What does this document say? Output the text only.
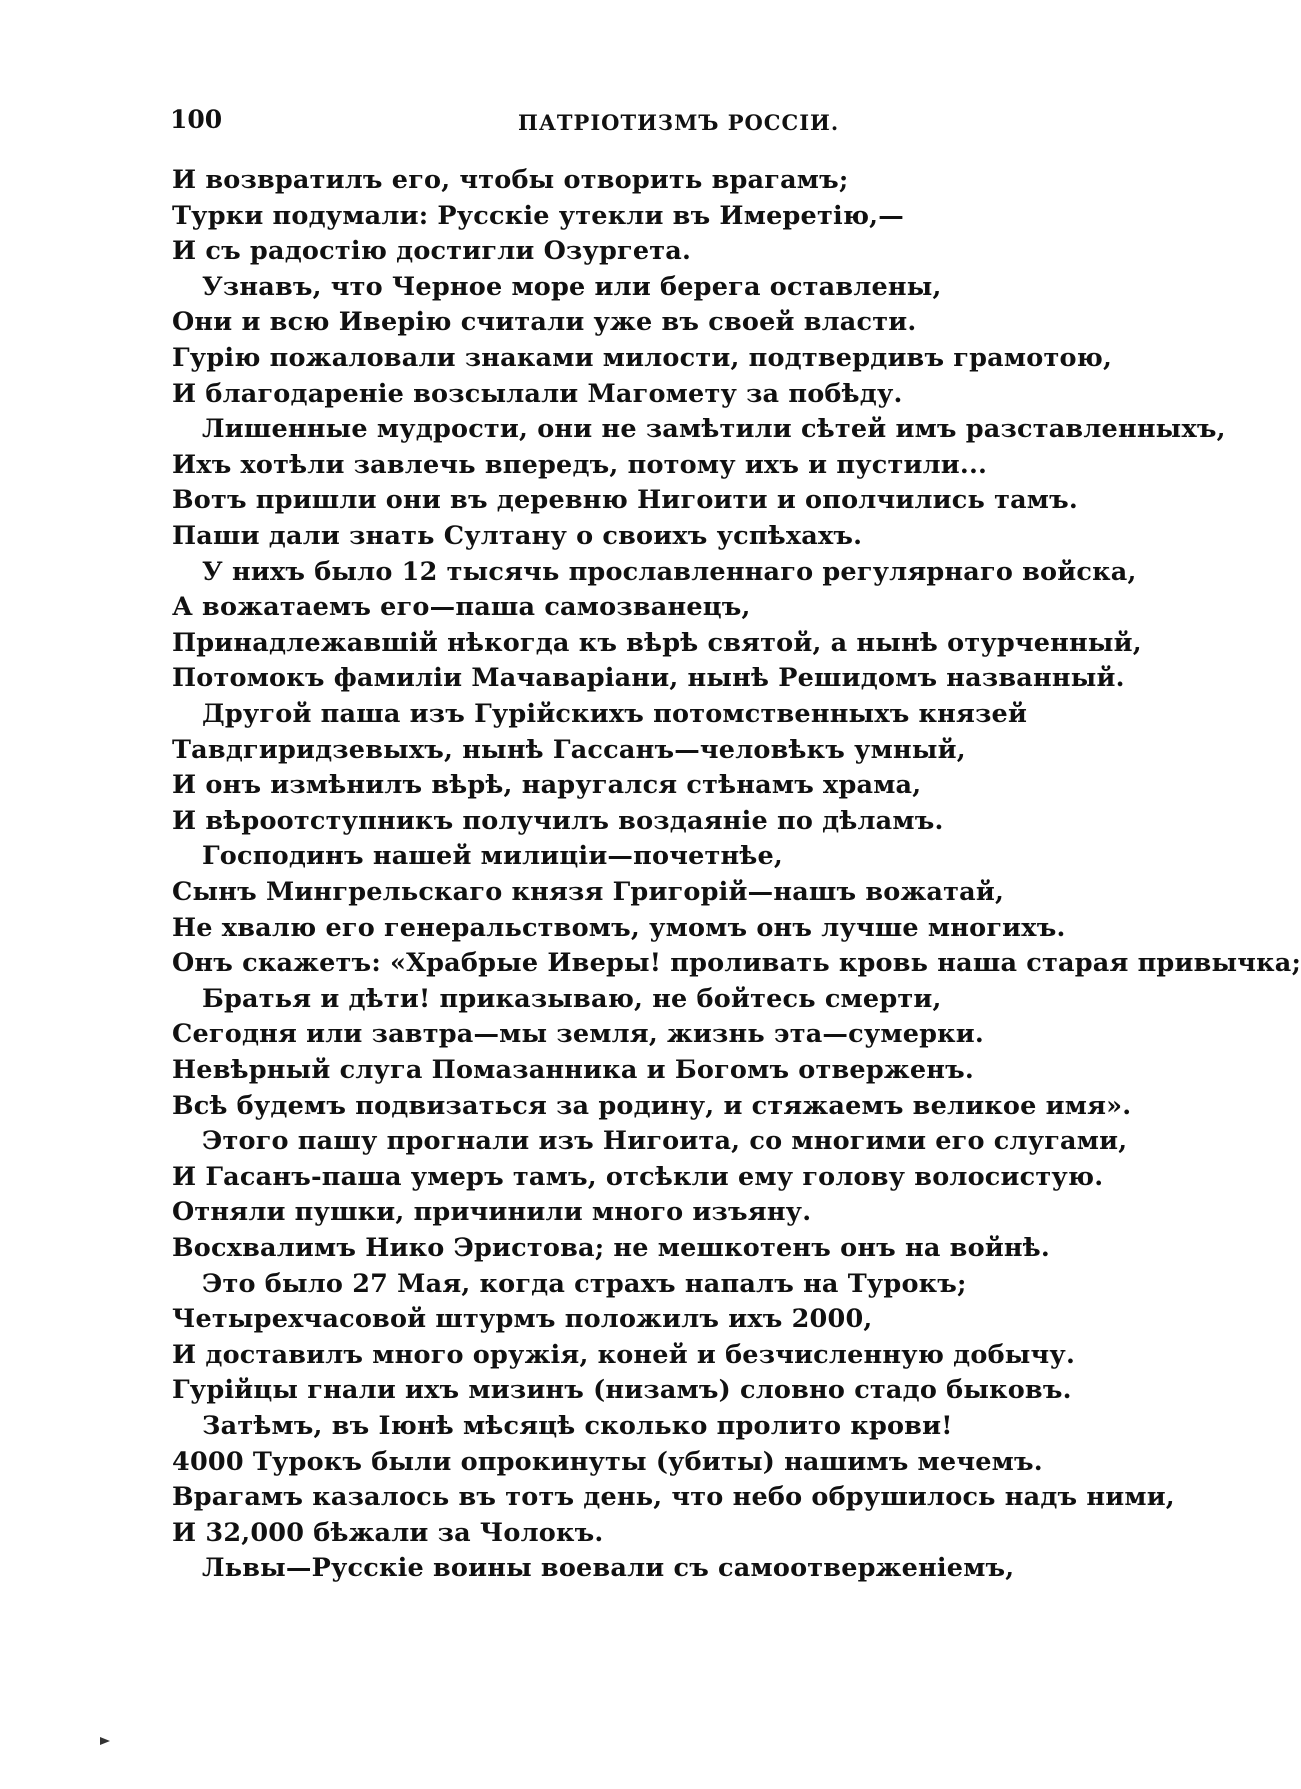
100	ПАТРІОТИЗМЪ РОССІИ.
И возвратилъ его, чтобы отворить врагамъ;
Турки подумали: Русскіе утекли въ Имеретію,—
И съ радостію достигли Озургета.
Узнавъ, что Черное море или берега оставлены,
Они и всю Иверію считали уже въ своей власти.
Гурію пожаловали знаками милости, подтвердивъ грамотою,
И благодареніе возсылали Магомету за побѣду.
Лишенные мудрости, они не замѣтили сѣтей имъ разставленныхъ,
Ихъ хотѣли завлечь впередъ, потому ихъ и пустили...
Вотъ пришли они въ деревню Нигоити и ополчились тамъ.
Паши дали знать Султану о своихъ успѣхахъ.
У нихъ было 12 тысячь прославленнаго регулярнаго войска,
А вожатаемъ его—паша самозванецъ,
Принадлежавшій нѣкогда къ вѣрѣ святой, а нынѣ отурченный,
Потомокъ фамиліи Мачаваріани, нынѣ Решидомъ названный.
Другой паша изъ Гурійскихъ потомственныхъ князей
Тавдгиридзевыхъ, нынѣ Гассанъ—человѣкъ умный,
И онъ измѣнилъ вѣрѣ, наругался стѣнамъ храма,
И вѣроотступникъ получилъ воздаяніе по дѣламъ.
Господинъ нашей милиціи—почетнѣе,
Сынъ Мингрельскаго князя Григорій—нашъ вожатай,
Не хвалю его генеральствомъ, умомъ онъ лучше многихъ.
Онъ скажетъ: «Храбрые Иверы! проливать кровь наша старая привычка;
Братья и дѣти! приказываю, не бойтесь смерти,
Сегодня или завтра—мы земля, жизнь эта—сумерки.
Невѣрный слуга Помазанника и Богомъ отверженъ.
Всѣ будемъ подвизаться за родину, и стяжаемъ великое имя».
Этого пашу прогнали изъ Нигоита, со многими его слугами,
И Гасанъ-паша умеръ тамъ, отсѣкли ему голову волосистую.
Отняли пушки, причинили много изъяну.
Восхвалимъ Нико Эристова; не мешкотенъ онъ на войнѣ.
Это было 27 Мая, когда страхъ напалъ на Турокъ;
Четырехчасовой штурмъ положилъ ихъ 2000,
И доставилъ много оружія, коней и безчисленную добычу.
Гурійцы гнали ихъ мизинъ (низамъ) словно стадо быковъ.
Затѣмъ, въ Іюнѣ мѣсяцѣ сколько пролито крови!
4000 Турокъ были опрокинуты (убиты) нашимъ мечемъ.
Врагамъ казалось въ тотъ день, что небо обрушилось надъ ними,
И 32,000 бѣжали за Чолокъ.
Львы—Русскіе воины воевали съ самоотверженіемъ,
